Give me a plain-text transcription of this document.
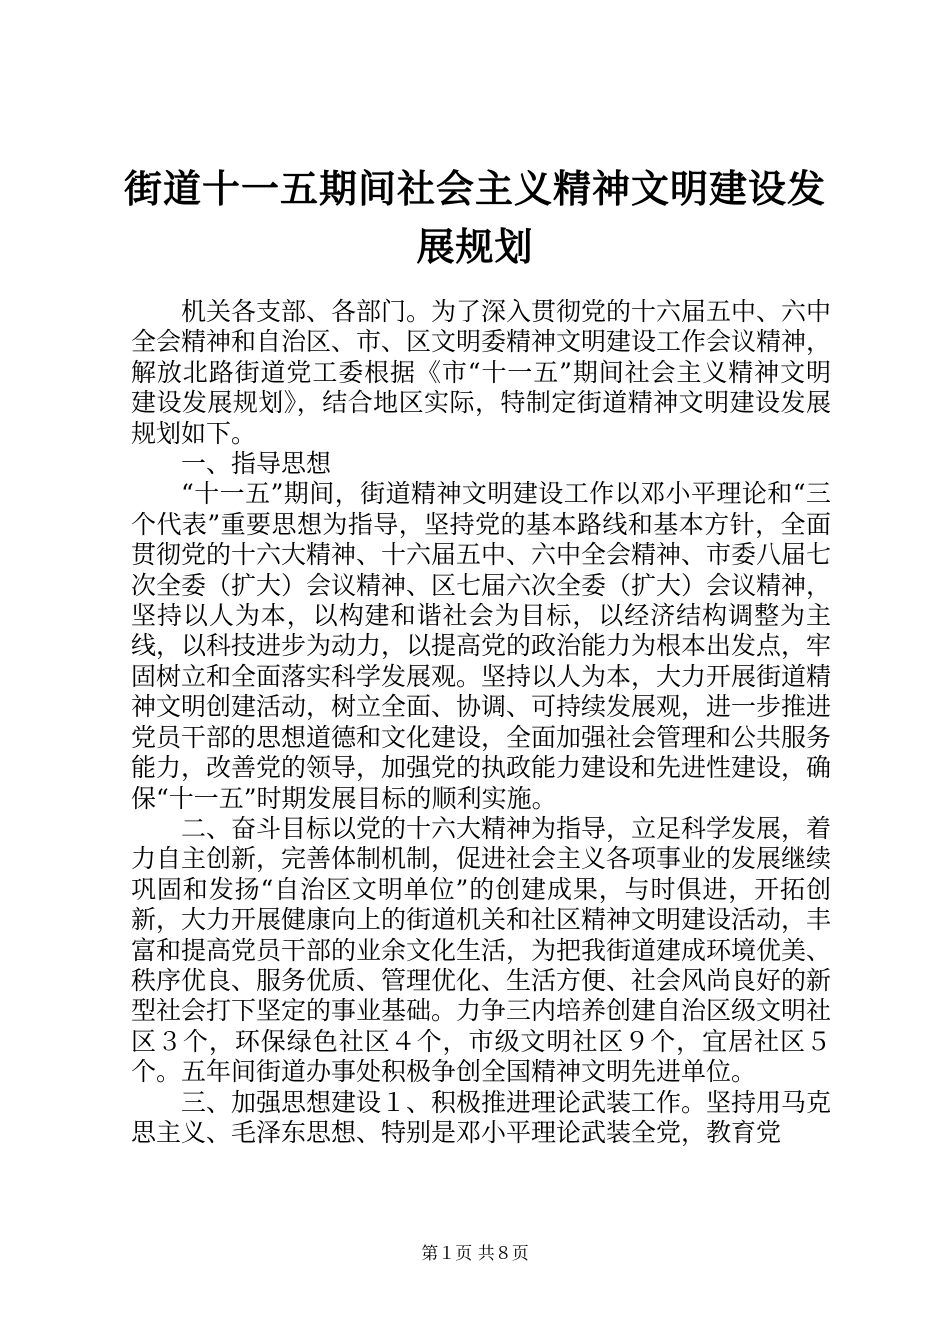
街道十一五期间社会主义精神文明建设发展规划

机关各支部、各部门。为了深入贯彻党的十六届五中、六中全会精神和自治区、市、区文明委精神文明建设工作会议精神，解放北路街道党工委根据《市“十一五”期间社会主义精神文明建设发展规划》，结合地区实际，特制定街道精神文明建设发展规划如下。

一、指导思想

“十一五”期间，街道精神文明建设工作以邓小平理论和“三个代表”重要思想为指导，坚持党的基本路线和基本方针，全面贯彻党的十六大精神、十六届五中、六中全会精神、市委八届七次全委（扩大）会议精神、区七届六次全委（扩大）会议精神，坚持以人为本，以构建和谐社会为目标，以经济结构调整为主线，以科技进步为动力，以提高党的政治能力为根本出发点，牢固树立和全面落实科学发展观。坚持以人为本，大力开展街道精神文明创建活动，树立全面、协调、可持续发展观，进一步推进党员干部的思想道德和文化建设，全面加强社会管理和公共服务能力，改善党的领导，加强党的执政能力建设和先进性建设，确保“十一五”时期发展目标的顺利实施。

二、奋斗目标以党的十六大精神为指导，立足科学发展，着力自主创新，完善体制机制，促进社会主义各项事业的发展继续巩固和发扬“自治区文明单位”的创建成果，与时俱进，开拓创新，大力开展健康向上的街道机关和社区精神文明建设活动，丰富和提高党员干部的业余文化生活，为把我街道建成环境优美、秩序优良、服务优质、管理优化、生活方便、社会风尚良好的新型社会打下坚定的事业基础。力争三内培养创建自治区级文明社区３个，环保绿色社区４个，市级文明社区９个，宜居社区５个。五年间街道办事处积极争创全国精神文明先进单位。

三、加强思想建设１、积极推进理论武装工作。坚持用马克思主义、毛泽东思想、特别是邓小平理论武装全党，教育党

第１页 共８页
